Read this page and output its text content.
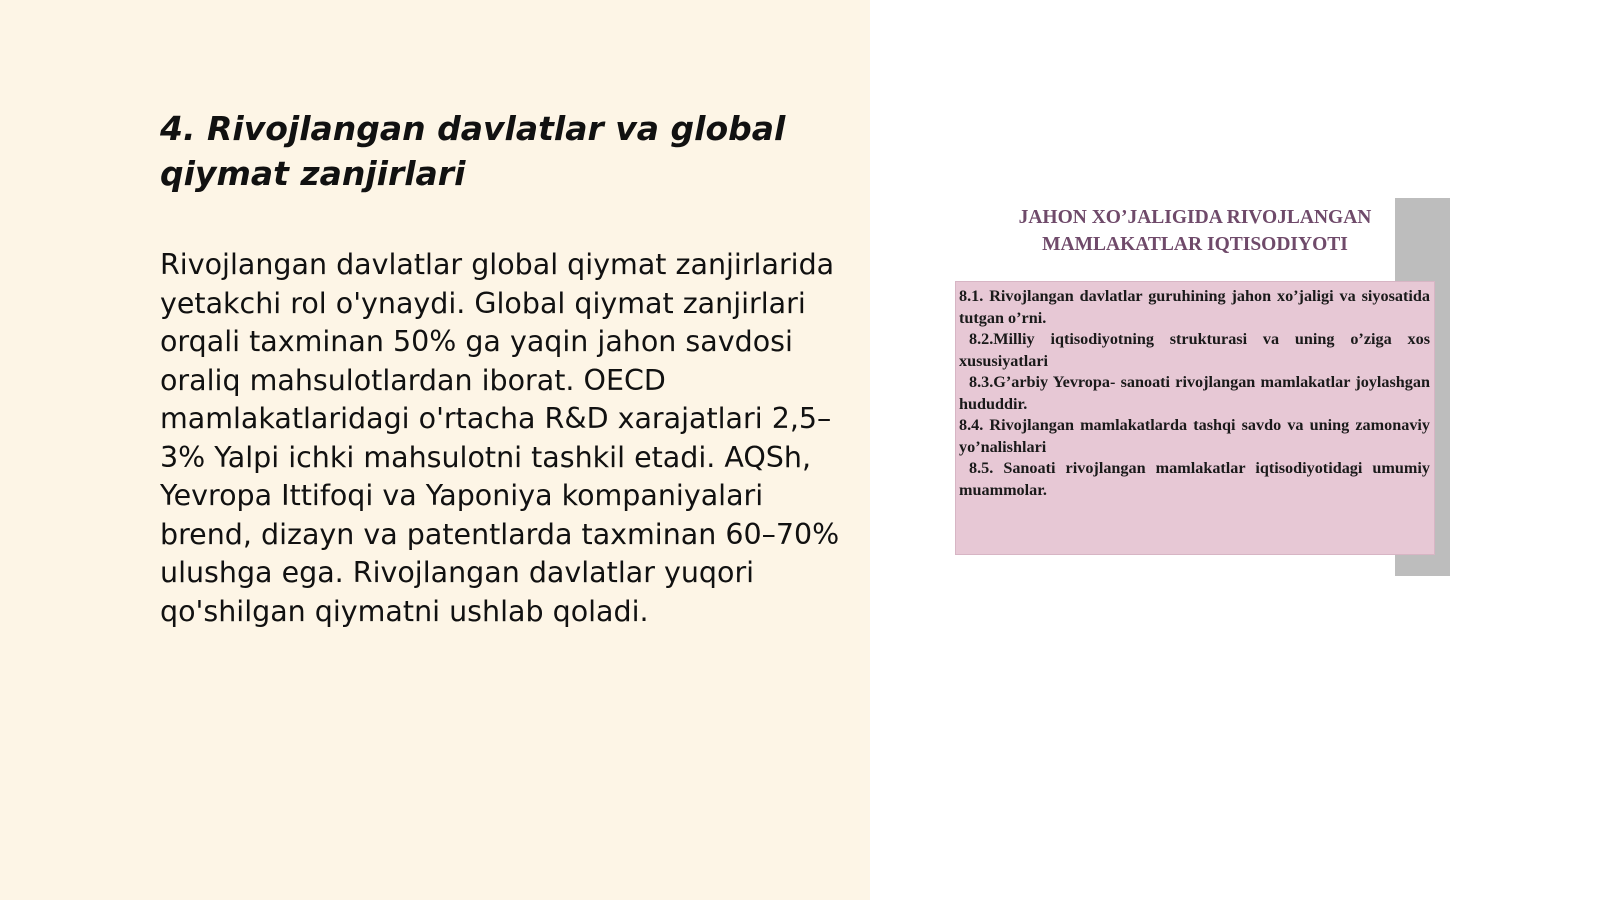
4. Rivojlangan davlatlar va global qiymat zanjirlari

Rivojlangan davlatlar global qiymat zanjirlarida yetakchi rol o'ynaydi. Global qiymat zanjirlari orqali taxminan 50% ga yaqin jahon savdosi oraliq mahsulotlardan iborat. OECD mamlakatlaridagi o'rtacha R&D xarajatlari 2,5–3% Yalpi ichki mahsulotni tashkil etadi. AQSh, Yevropa Ittifoqi va Yaponiya kompaniyalari brend, dizayn va patentlarda taxminan 60–70% ulushga ega. Rivojlangan davlatlar yuqori qo'shilgan qiymatni ushlab qoladi.

JAHON XO’JALIGIDA RIVOJLANGAN MAMLAKATLAR IQTISODIYOTI
8.1. Rivojlangan davlatlar guruhining jahon xo’jaligi va siyosatida tutgan o’rni.
8.2.Milliy iqtisodiyotning strukturasi va uning o’ziga xos xususiyatlari
8.3.G’arbiy Yevropa- sanoati rivojlangan mamlakatlar joylashgan hududdir.
8.4. Rivojlangan mamlakatlarda tashqi savdo va uning zamonaviy yo’nalishlari
8.5. Sanoati rivojlangan mamlakatlar iqtisodiyotidagi umumiy muammolar.
